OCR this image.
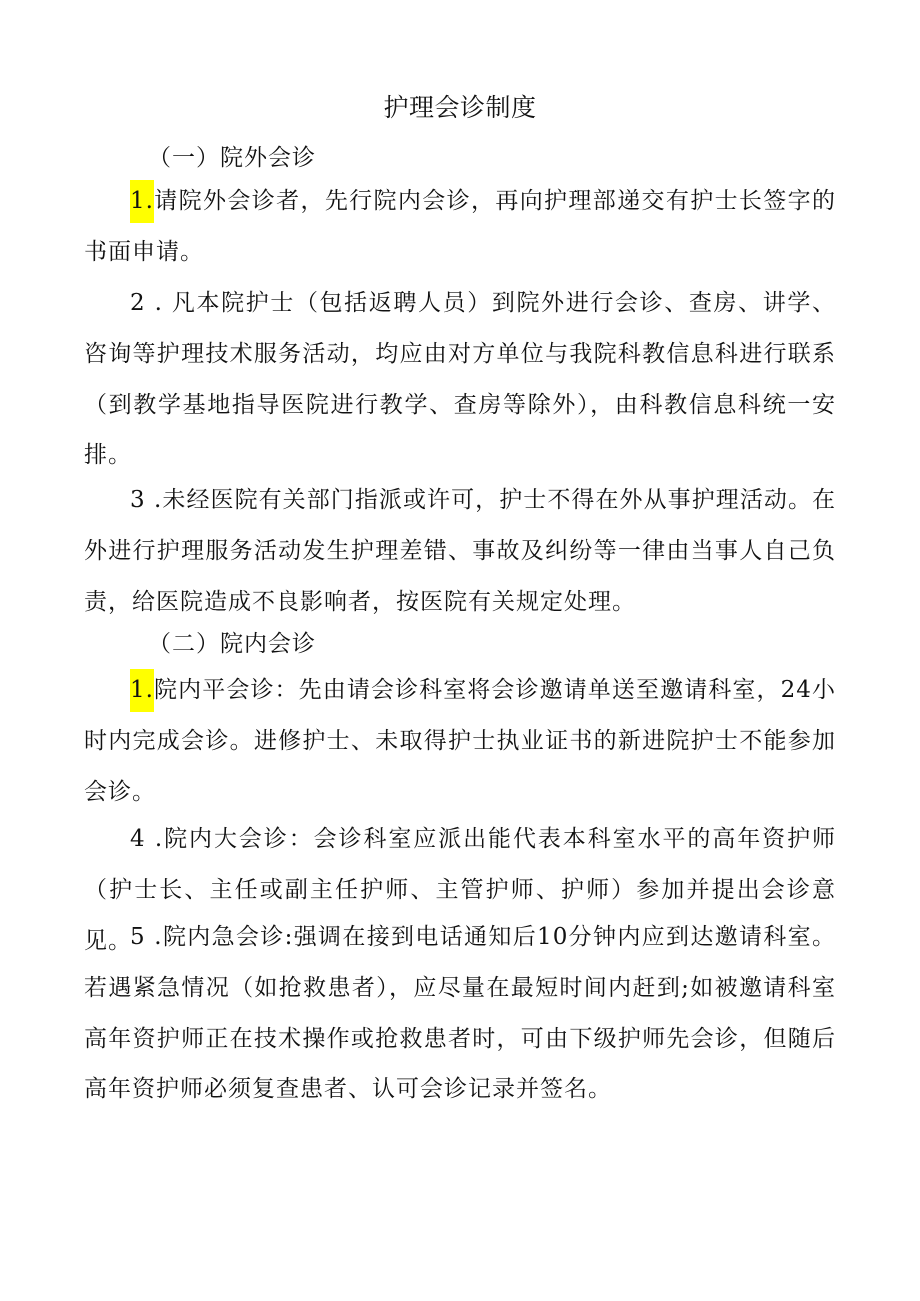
护理会诊制度
（一）院外会诊

1.请院外会诊者，先行院内会诊，再向护理部递交有护士长签字的书面申请。

2 . 凡本院护士（包括返聘人员）到院外进行会诊、查房、讲学、咨询等护理技术服务活动，均应由对方单位与我院科教信息科进行联系（到教学基地指导医院进行教学、查房等除外），由科教信息科统一安排。

3 .未经医院有关部门指派或许可，护士不得在外从事护理活动。在外进行护理服务活动发生护理差错、事故及纠纷等一律由当事人自己负责，给医院造成不良影响者，按医院有关规定处理。

（二）院内会诊

1.院内平会诊：先由请会诊科室将会诊邀请单送至邀请科室，24小时内完成会诊。进修护士、未取得护士执业证书的新进院护士不能参加会诊。

4 .院内大会诊：会诊科室应派出能代表本科室水平的高年资护师（护士长、主任或副主任护师、主管护师、护师）参加并提出会诊意见。

5 .院内急会诊:强调在接到电话通知后10分钟内应到达邀请科室。若遇紧急情况（如抢救患者），应尽量在最短时间内赶到;如被邀请科室高年资护师正在技术操作或抢救患者时，可由下级护师先会诊，但随后高年资护师必须复查患者、认可会诊记录并签名。
